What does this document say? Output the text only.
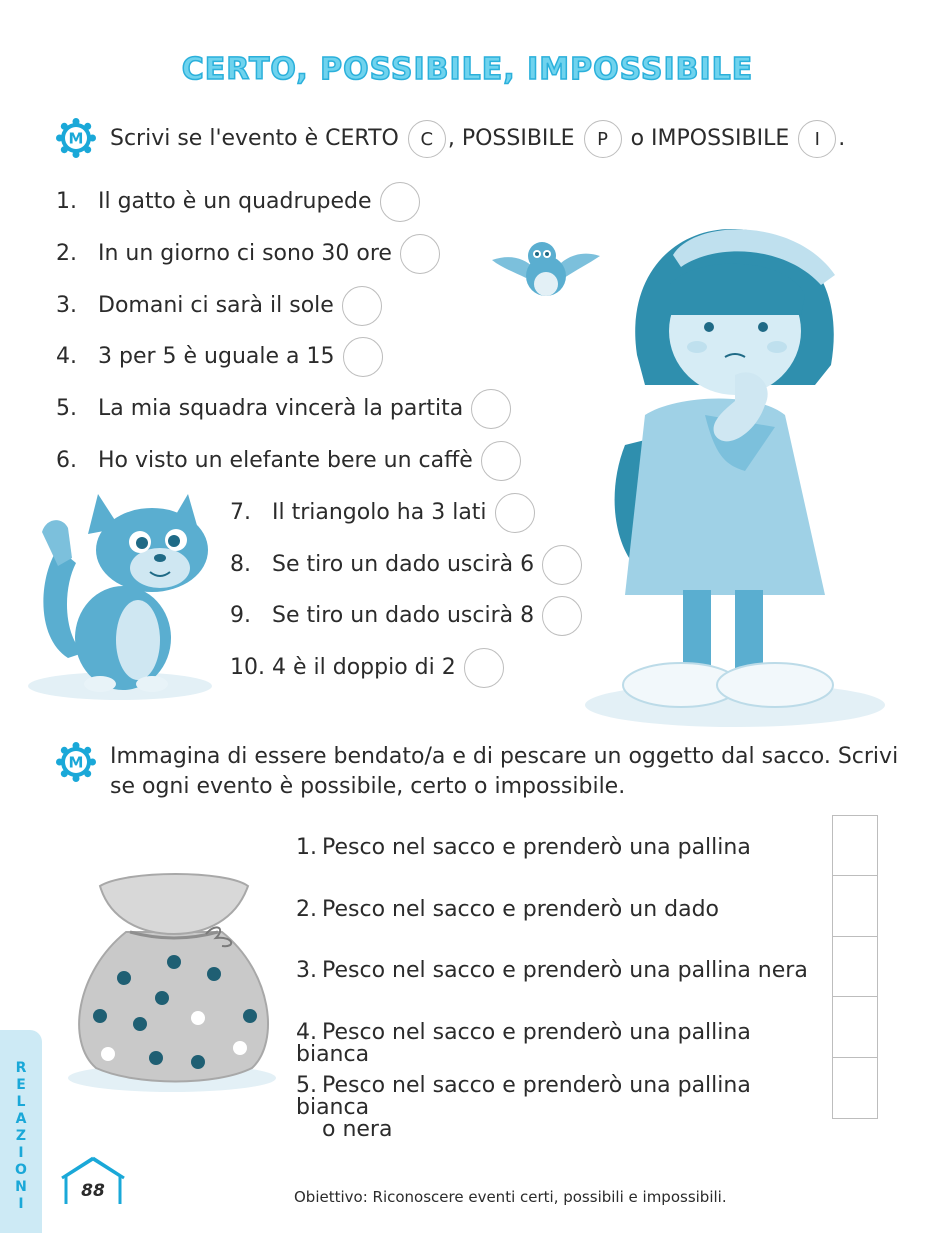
CERTO, POSSIBILE, IMPOSSIBILE
M Scrivi se l'evento è CERTO C , POSSIBILE P o IMPOSSIBILE I .
1. Il gatto è un quadrupede
2. In un giorno ci sono 30 ore
3. Domani ci sarà il sole
4. 3 per 5 è uguale a 15
5. La mia squadra vincerà la partita
6. Ho visto un elefante bere un caffè
7. Il triangolo ha 3 lati
8. Se tiro un dado uscirà 6
9. Se tiro un dado uscirà 8
10. 4 è il doppio di 2
M Immagina di essere bendato/a e di pescare un oggetto dal sacco. Scrivi se ogni evento è possibile, certo o impossibile.
1. Pesco nel sacco e prenderò una pallina
2. Pesco nel sacco e prenderò un dado
3. Pesco nel sacco e prenderò una pallina nera
4. Pesco nel sacco e prenderò una pallina bianca
5. Pesco nel sacco e prenderò una pallina bianca
o nera
R
E
L
A
Z
I
O
N
I
88	Obiettivo: Riconoscere eventi certi, possibili e impossibili.
